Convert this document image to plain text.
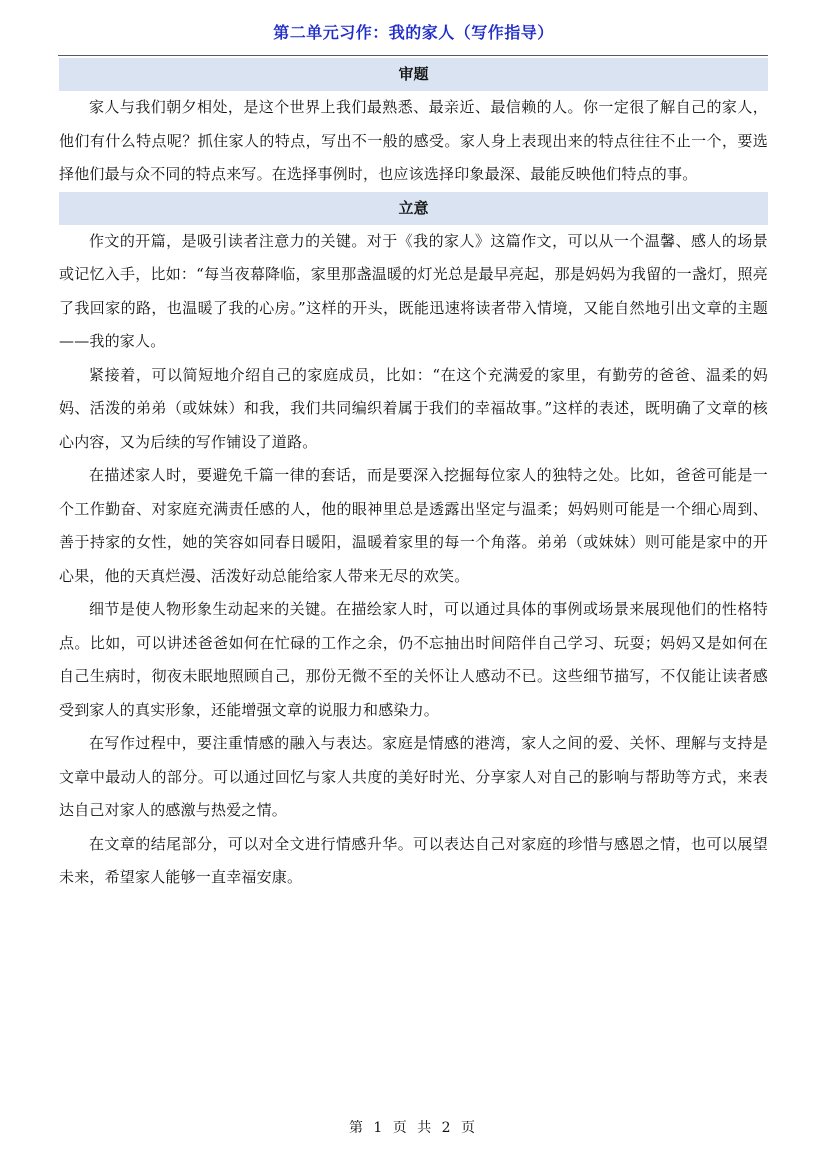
第二单元习作：我的家人（写作指导）
审题

家人与我们朝夕相处，是这个世界上我们最熟悉、最亲近、最信赖的人。你一定很了解自己的家人，他们有什么特点呢？抓住家人的特点，写出不一般的感受。家人身上表现出来的特点往往不止一个，要选择他们最与众不同的特点来写。在选择事例时，也应该选择印象最深、最能反映他们特点的事。

立意

作文的开篇，是吸引读者注意力的关键。对于《我的家人》这篇作文，可以从一个温馨、感人的场景或记忆入手，比如：“每当夜幕降临，家里那盏温暖的灯光总是最早亮起，那是妈妈为我留的一盏灯，照亮了我回家的路，也温暖了我的心房。”这样的开头，既能迅速将读者带入情境，又能自然地引出文章的主题——我的家人。

紧接着，可以简短地介绍自己的家庭成员，比如：“在这个充满爱的家里，有勤劳的爸爸、温柔的妈妈、活泼的弟弟（或妹妹）和我，我们共同编织着属于我们的幸福故事。”这样的表述，既明确了文章的核心内容，又为后续的写作铺设了道路。

在描述家人时，要避免千篇一律的套话，而是要深入挖掘每位家人的独特之处。比如，爸爸可能是一个工作勤奋、对家庭充满责任感的人，他的眼神里总是透露出坚定与温柔；妈妈则可能是一个细心周到、善于持家的女性，她的笑容如同春日暖阳，温暖着家里的每一个角落。弟弟（或妹妹）则可能是家中的开心果，他的天真烂漫、活泼好动总能给家人带来无尽的欢笑。

细节是使人物形象生动起来的关键。在描绘家人时，可以通过具体的事例或场景来展现他们的性格特点。比如，可以讲述爸爸如何在忙碌的工作之余，仍不忘抽出时间陪伴自己学习、玩耍；妈妈又是如何在自己生病时，彻夜未眠地照顾自己，那份无微不至的关怀让人感动不已。这些细节描写，不仅能让读者感受到家人的真实形象，还能增强文章的说服力和感染力。

在写作过程中，要注重情感的融入与表达。家庭是情感的港湾，家人之间的爱、关怀、理解与支持是文章中最动人的部分。可以通过回忆与家人共度的美好时光、分享家人对自己的影响与帮助等方式，来表达自己对家人的感激与热爱之情。

在文章的结尾部分，可以对全文进行情感升华。可以表达自己对家庭的珍惜与感恩之情，也可以展望未来，希望家人能够一直幸福安康。

第 1 页 共 2 页
